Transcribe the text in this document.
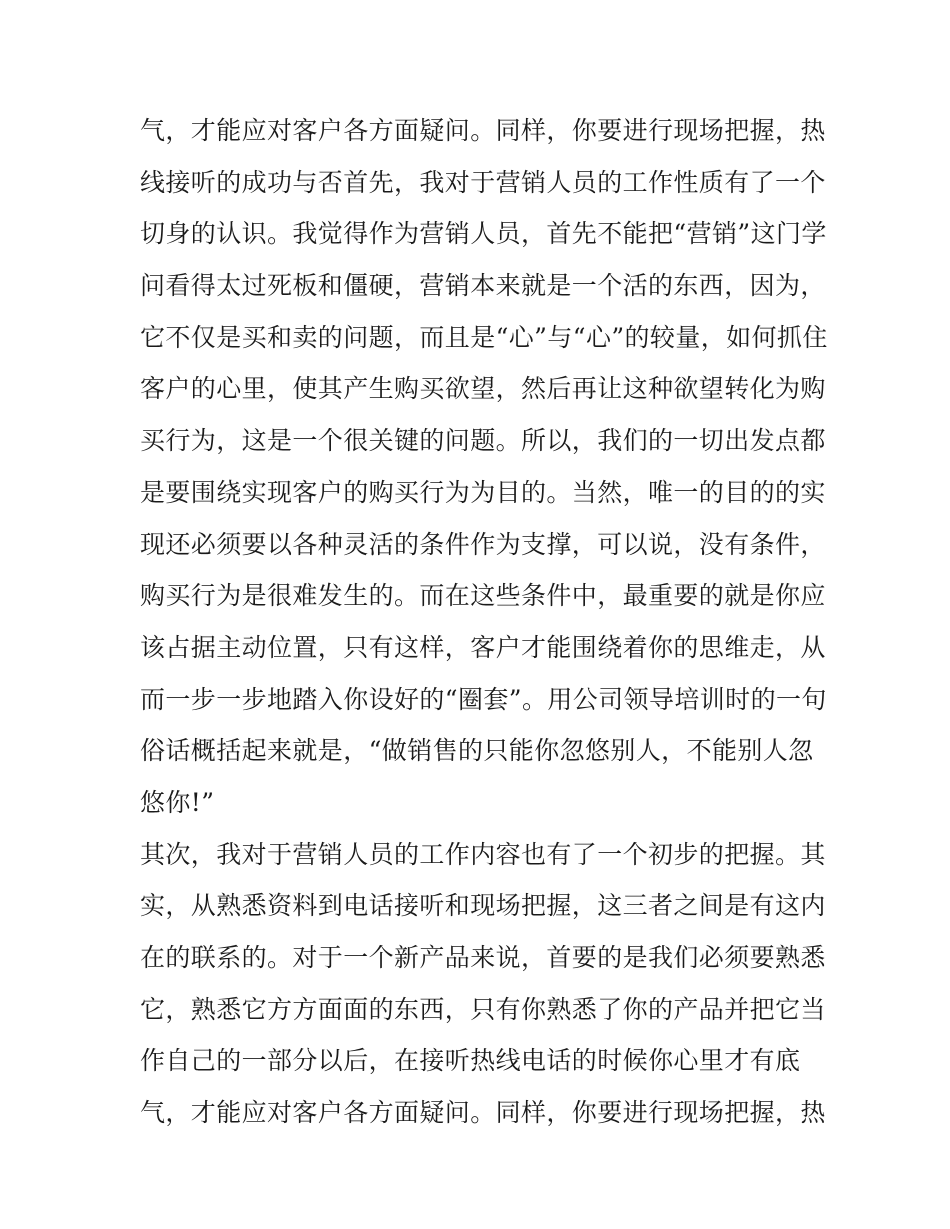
气，才能应对客户各方面疑问。同样，你要进行现场把握，热
线接听的成功与否首先，我对于营销人员的工作性质有了一个
切身的认识。我觉得作为营销人员，首先不能把“营销”这门学
问看得太过死板和僵硬，营销本来就是一个活的东西，因为，
它不仅是买和卖的问题，而且是“心”与“心”的较量，如何抓住
客户的心里，使其产生购买欲望，然后再让这种欲望转化为购
买行为，这是一个很关键的问题。所以，我们的一切出发点都
是要围绕实现客户的购买行为为目的。当然，唯一的目的的实
现还必须要以各种灵活的条件作为支撑，可以说，没有条件，
购买行为是很难发生的。而在这些条件中，最重要的就是你应
该占据主动位置，只有这样，客户才能围绕着你的思维走，从
而一步一步地踏入你设好的“圈套”。用公司领导培训时的一句
俗话概括起来就是，“做销售的只能你忽悠别人，不能别人忽
悠你!”
其次，我对于营销人员的工作内容也有了一个初步的把握。其
实，从熟悉资料到电话接听和现场把握，这三者之间是有这内
在的联系的。对于一个新产品来说，首要的是我们必须要熟悉
它，熟悉它方方面面的东西，只有你熟悉了你的产品并把它当
作自己的一部分以后，在接听热线电话的时候你心里才有底
气，才能应对客户各方面疑问。同样，你要进行现场把握，热
